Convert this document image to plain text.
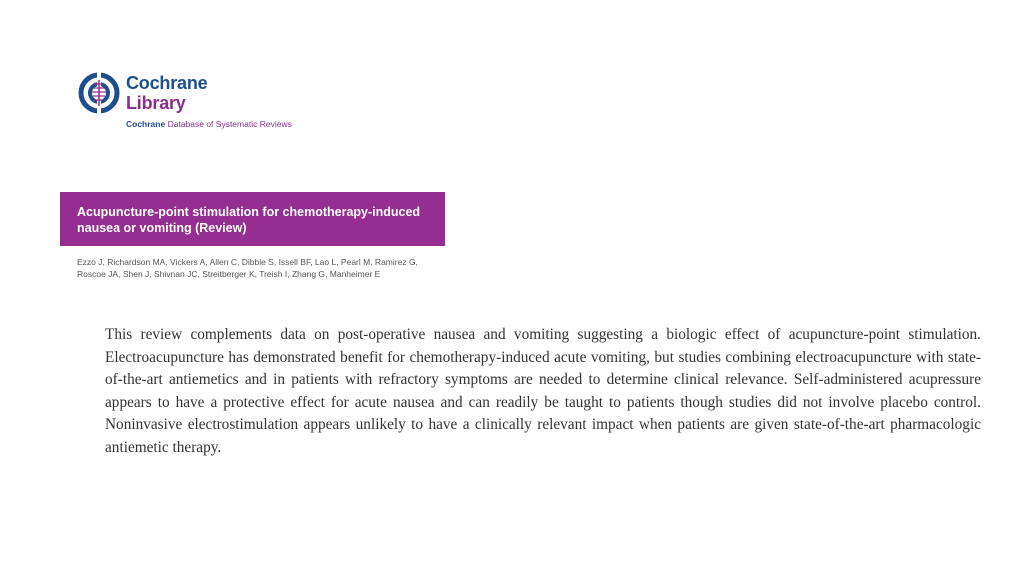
Cochrane
Library
Cochrane Database of Systematic Reviews
Acupuncture-point stimulation for chemotherapy-induced nausea or vomiting (Review)
Ezzo J, Richardson MA, Vickers A, Allen C, Dibble S, Issell BF, Lao L, Pearl M, Ramirez G, Roscoe JA, Shen J, Shivnan JC, Streitberger K, Treish I, Zhang G, Manheimer E
This review complements data on post-operative nausea and vomiting suggesting a biologic effect of acupuncture-point stimulation. Electroacupuncture has demonstrated benefit for chemotherapy-induced acute vomiting, but studies combining electroacupuncture with state-of-the-art antiemetics and in patients with refractory symptoms are needed to determine clinical relevance. Self-administered acupressure appears to have a protective effect for acute nausea and can readily be taught to patients though studies did not involve placebo control. Noninvasive electrostimulation appears unlikely to have a clinically relevant impact when patients are given state-of-the-art pharmacologic antiemetic therapy.
